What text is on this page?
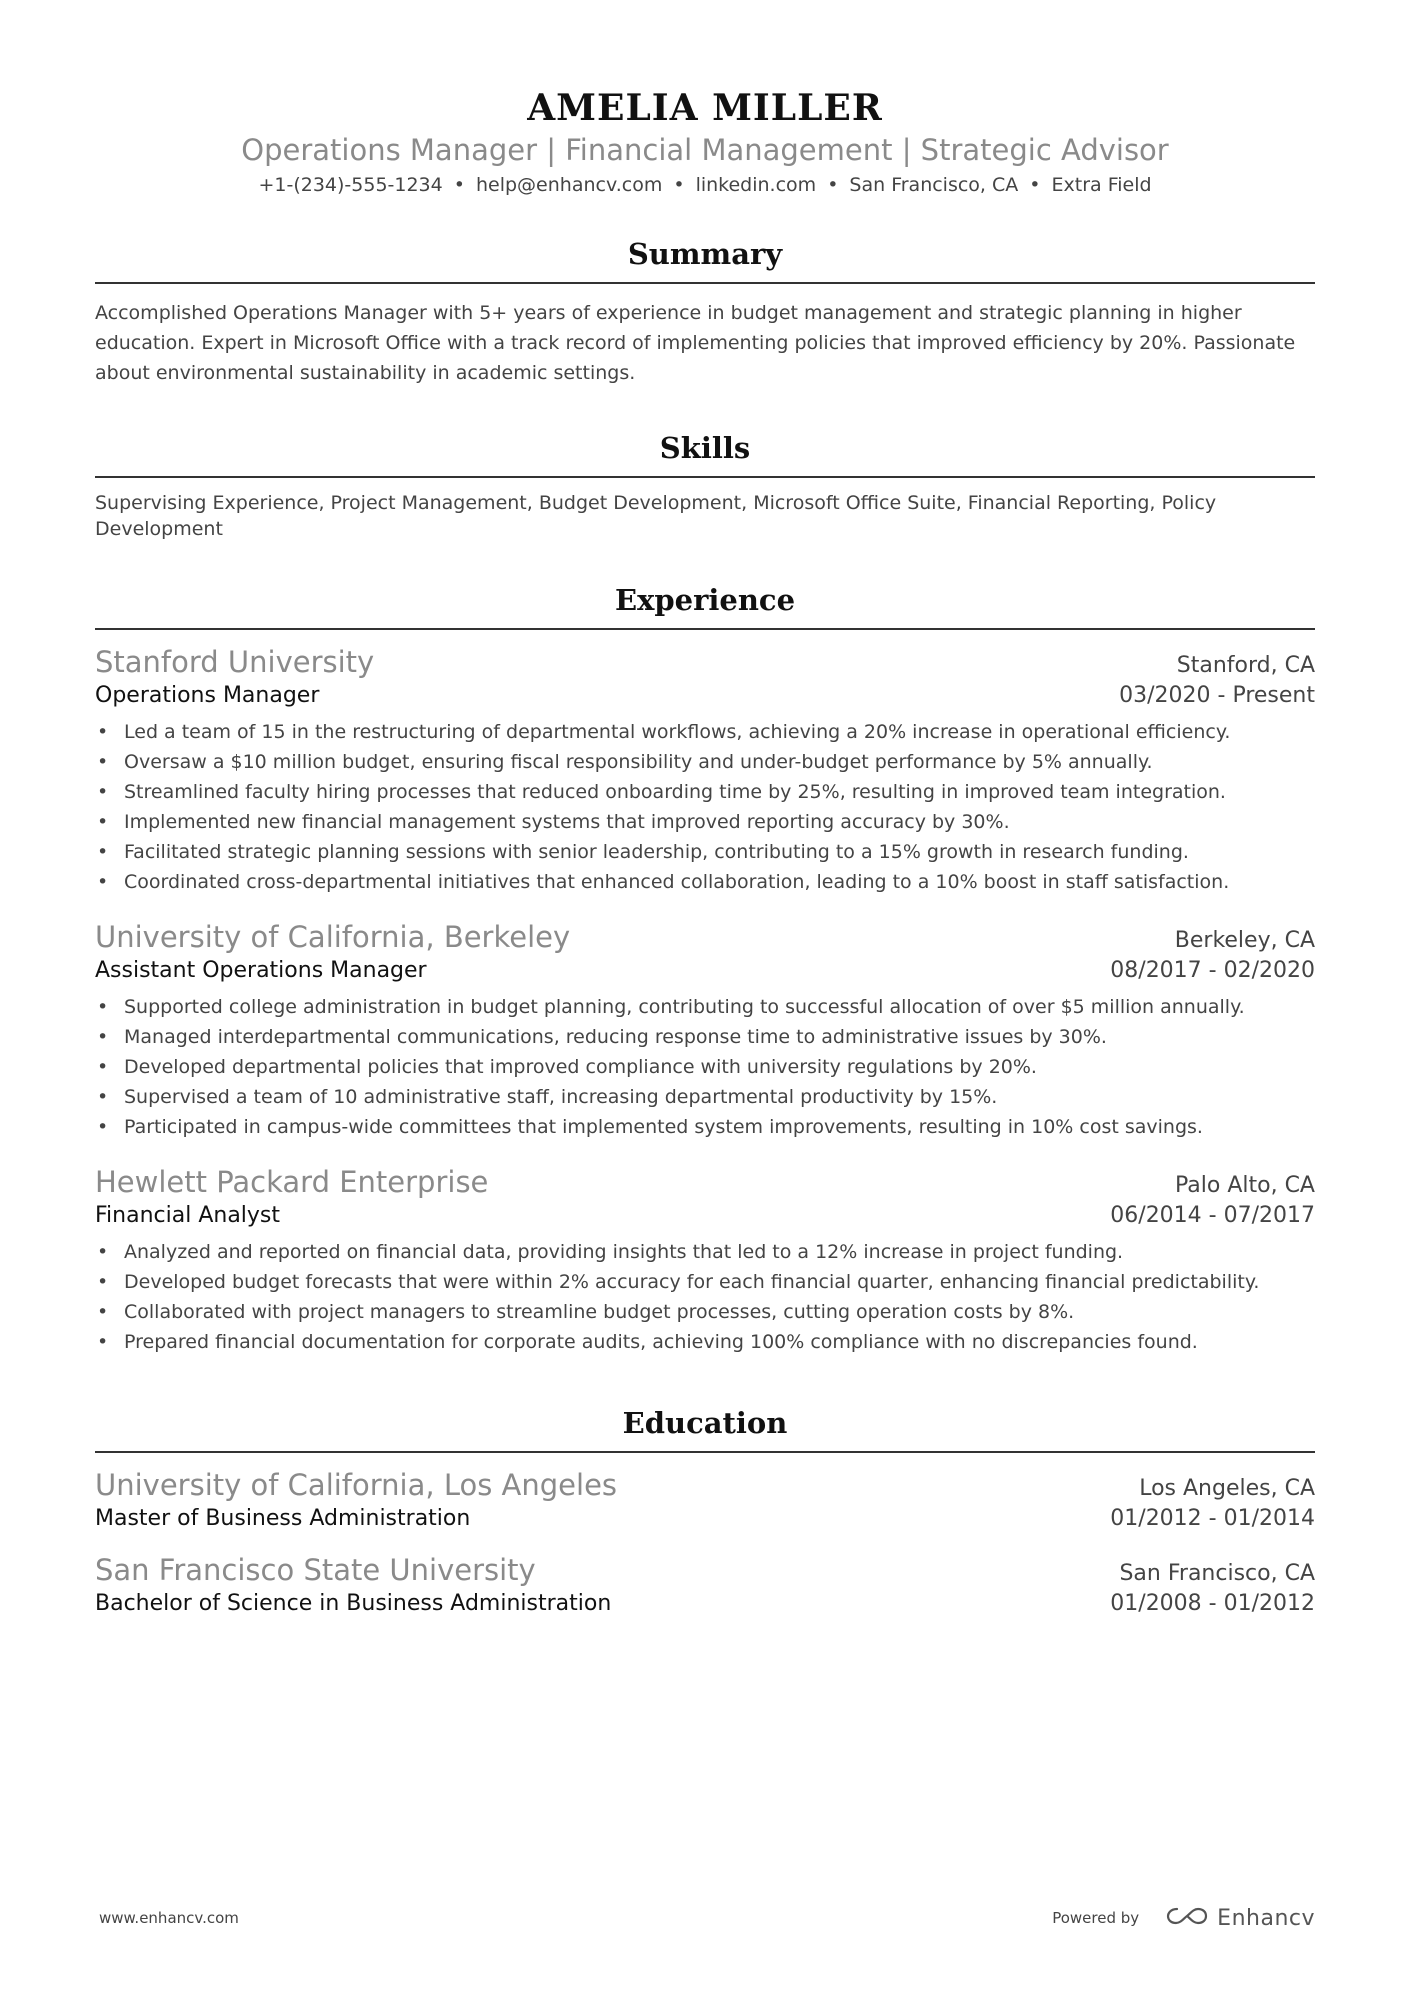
AMELIA MILLER
Operations Manager | Financial Management | Strategic Advisor
+1-(234)-555-1234 • help@enhancv.com • linkedin.com • San Francisco, CA • Extra Field
Summary

Accomplished Operations Manager with 5+ years of experience in budget management and strategic planning in higher education. Expert in Microsoft Office with a track record of implementing policies that improved efficiency by 20%. Passionate about environmental sustainability in academic settings.

Skills

Supervising Experience, Project Management, Budget Development, Microsoft Office Suite, Financial Reporting, Policy Development

Experience
Stanford University	Stanford, CA
Operations Manager	03/2020 - Present
• Led a team of 15 in the restructuring of departmental workflows, achieving a 20% increase in operational efficiency.
• Oversaw a $10 million budget, ensuring fiscal responsibility and under-budget performance by 5% annually.
• Streamlined faculty hiring processes that reduced onboarding time by 25%, resulting in improved team integration.
• Implemented new financial management systems that improved reporting accuracy by 30%.
• Facilitated strategic planning sessions with senior leadership, contributing to a 15% growth in research funding.
• Coordinated cross-departmental initiatives that enhanced collaboration, leading to a 10% boost in staff satisfaction.
University of California, Berkeley	Berkeley, CA
Assistant Operations Manager	08/2017 - 02/2020
• Supported college administration in budget planning, contributing to successful allocation of over $5 million annually.
• Managed interdepartmental communications, reducing response time to administrative issues by 30%.
• Developed departmental policies that improved compliance with university regulations by 20%.
• Supervised a team of 10 administrative staff, increasing departmental productivity by 15%.
• Participated in campus-wide committees that implemented system improvements, resulting in 10% cost savings.
Hewlett Packard Enterprise	Palo Alto, CA
Financial Analyst	06/2014 - 07/2017
• Analyzed and reported on financial data, providing insights that led to a 12% increase in project funding.
• Developed budget forecasts that were within 2% accuracy for each financial quarter, enhancing financial predictability.
• Collaborated with project managers to streamline budget processes, cutting operation costs by 8%.
• Prepared financial documentation for corporate audits, achieving 100% compliance with no discrepancies found.
Education
University of California, Los Angeles	Los Angeles, CA
Master of Business Administration	01/2012 - 01/2014
San Francisco State University	San Francisco, CA
Bachelor of Science in Business Administration	01/2008 - 01/2012
www.enhancv.com	Powered by	Enhancv
